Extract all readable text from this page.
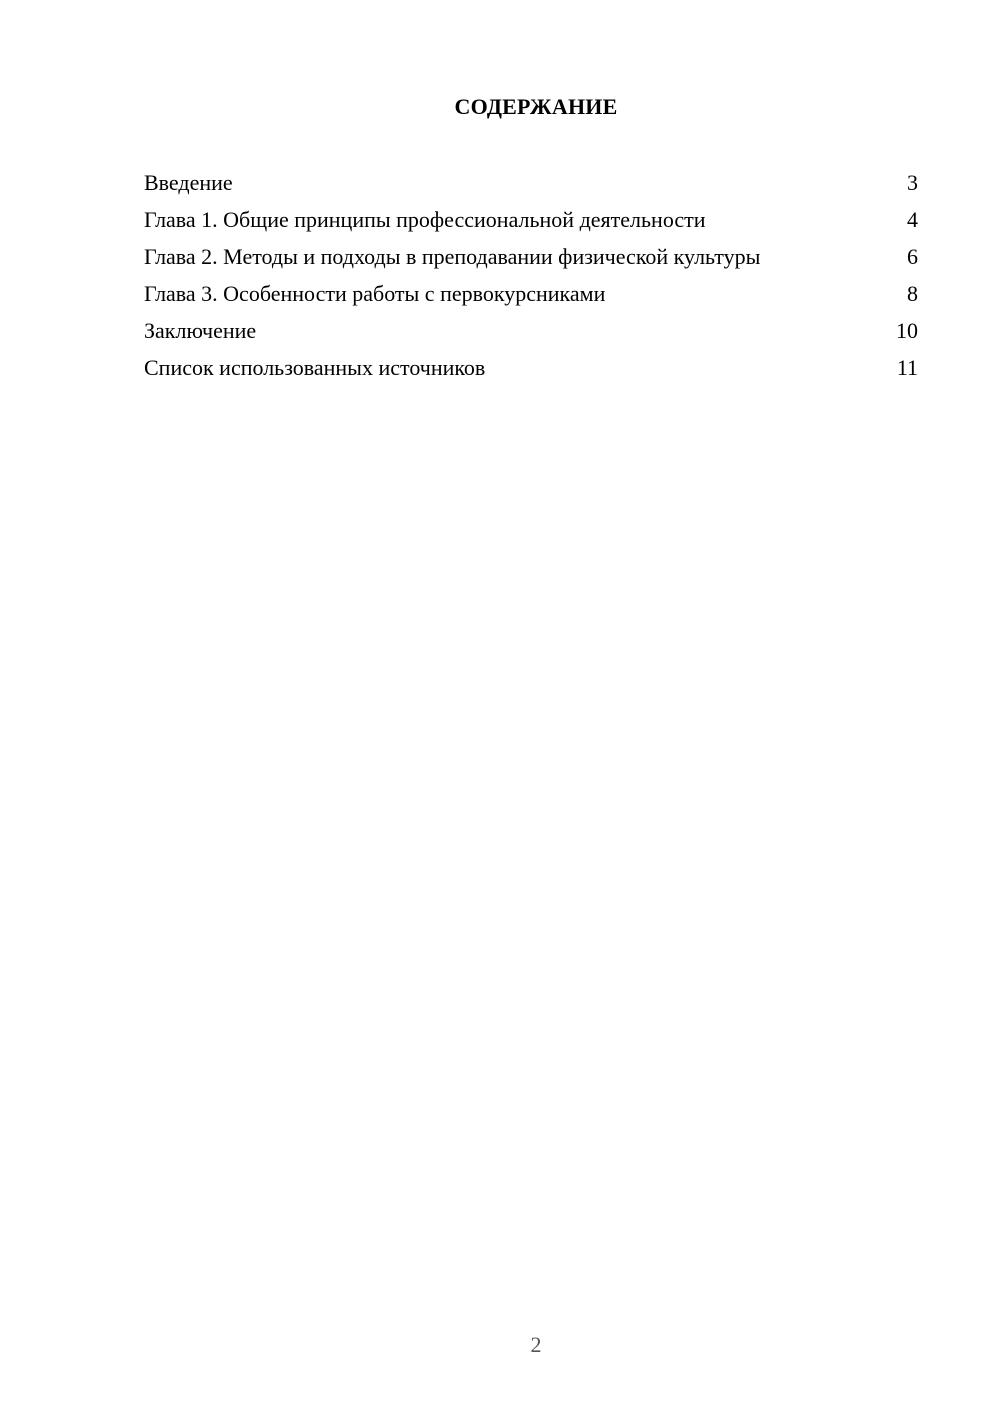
СОДЕРЖАНИЕ
Введение	3
Глава 1. Общие принципы профессиональной деятельности	4
Глава 2. Методы и подходы в преподавании физической культуры	6
Глава 3. Особенности работы с первокурсниками	8
Заключение	10
Список использованных источников	11

2
